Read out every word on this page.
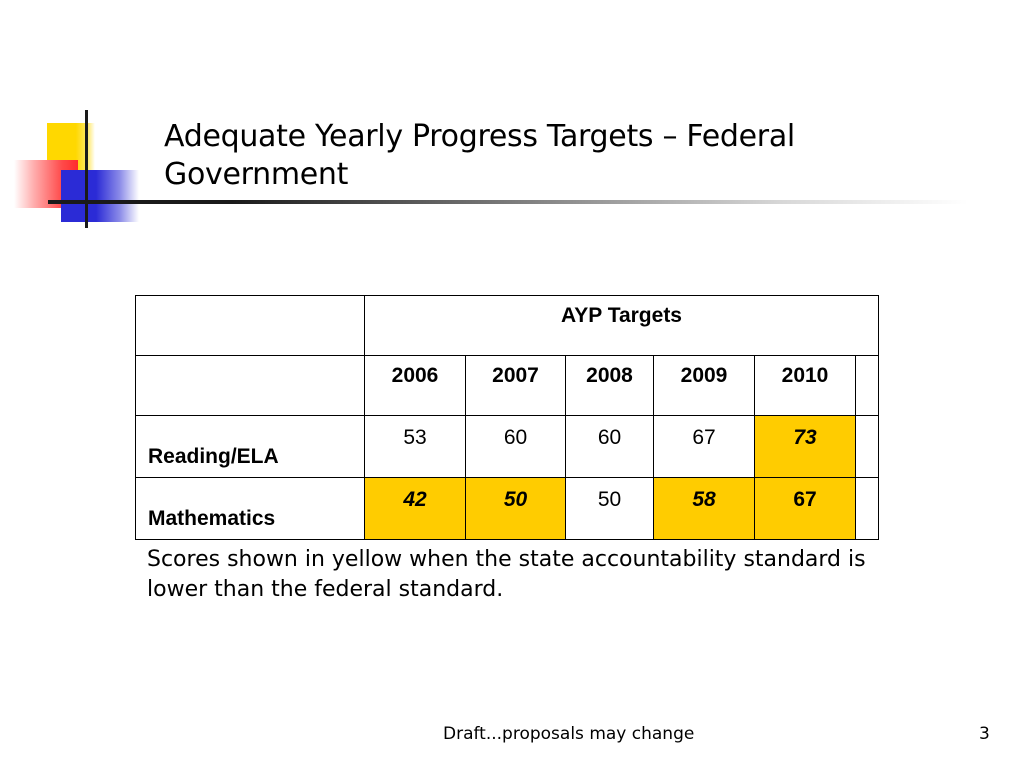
Adequate Yearly Progress Targets – Federal Government
	AYP Targets					
	2006	2007	2008	2009	2010	
Reading/ELA	53	60	60	67	73	
Mathematics	42	50	50	58	67	
Scores shown in yellow when the state accountability standard is lower than the federal standard.
Draft...proposals may change	3
